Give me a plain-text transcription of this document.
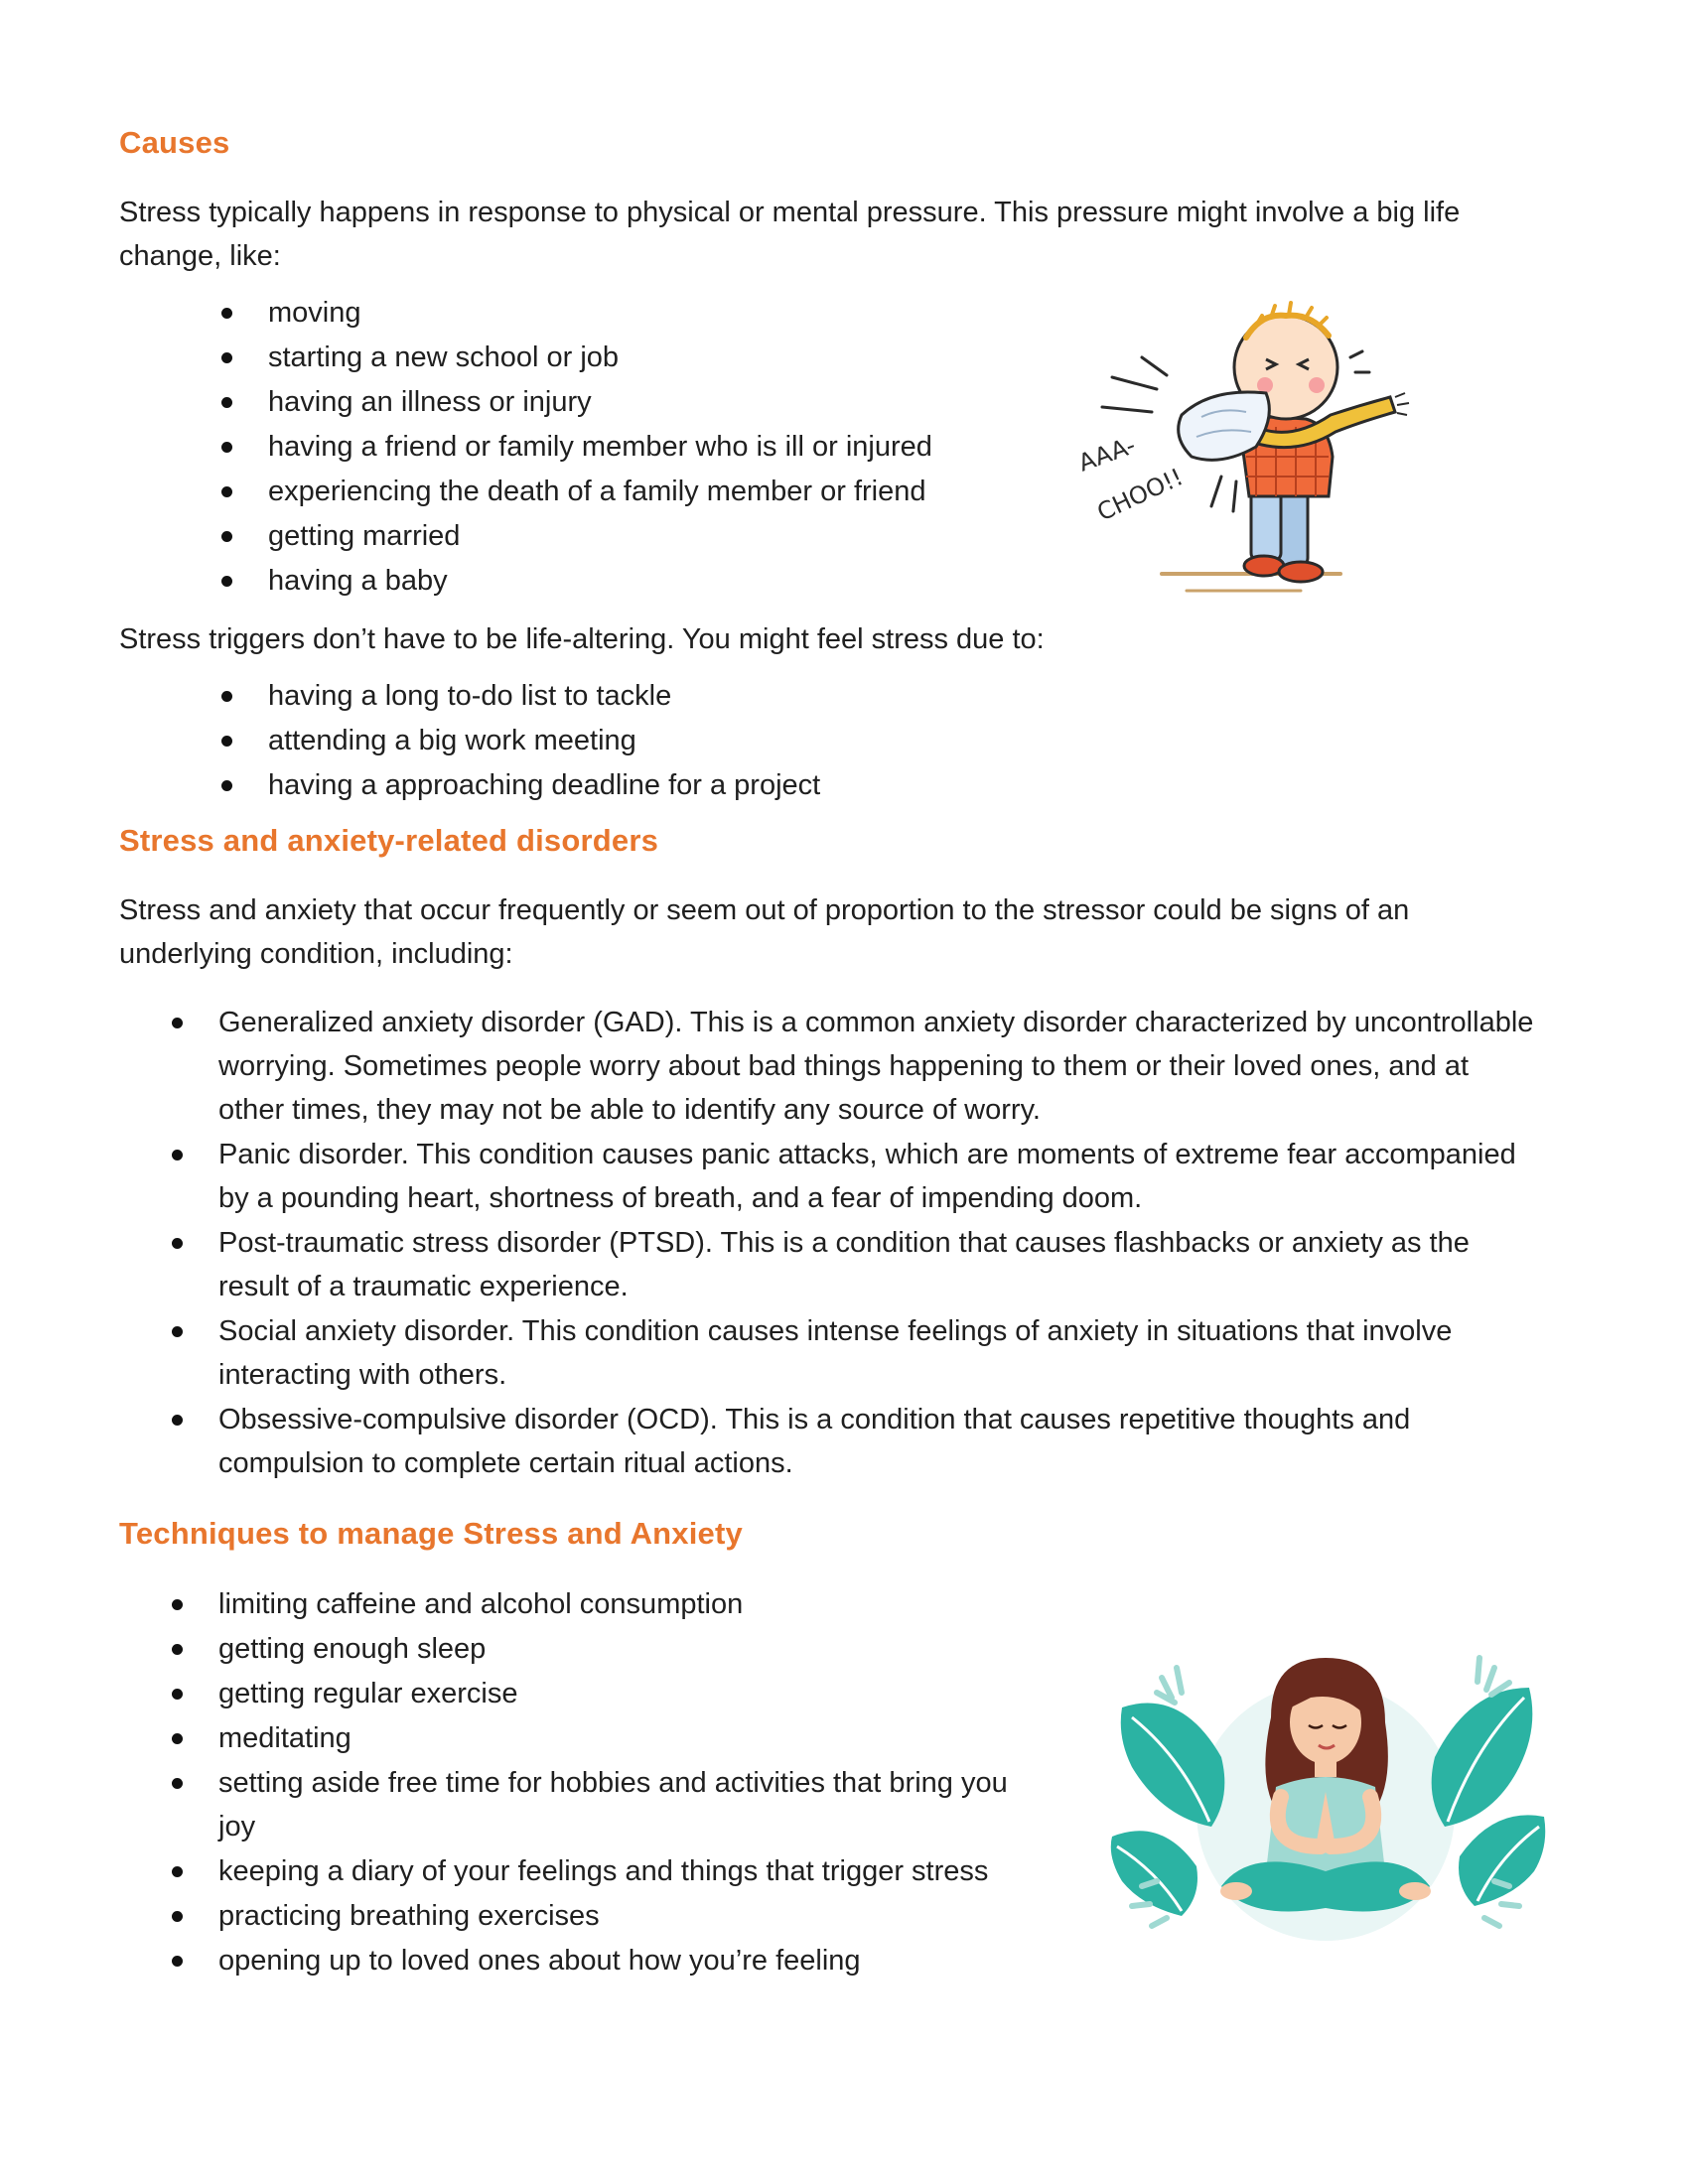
Causes

Stress typically happens in response to physical or mental pressure. This pressure might involve a big life change, like:

moving
starting a new school or job
having an illness or injury
having a friend or family member who is ill or injured
experiencing the death of a family member or friend
getting married
having a baby

Stress triggers don’t have to be life-altering. You might feel stress due to:

having a long to-do list to tackle
attending a big work meeting
having a approaching deadline for a project
AAA-
CHOO!!
Stress and anxiety-related disorders

Stress and anxiety that occur frequently or seem out of proportion to the stressor could be signs of an underlying condition, including:

Generalized anxiety disorder (GAD). This is a common anxiety disorder characterized by uncontrollable worrying. Sometimes people worry about bad things happening to them or their loved ones, and at other times, they may not be able to identify any source of worry.
Panic disorder. This condition causes panic attacks, which are moments of extreme fear accompanied by a pounding heart, shortness of breath, and a fear of impending doom.
Post-traumatic stress disorder (PTSD). This is a condition that causes flashbacks or anxiety as the result of a traumatic experience.
Social anxiety disorder. This condition causes intense feelings of anxiety in situations that involve interacting with others.
Obsessive-compulsive disorder (OCD). This is a condition that causes repetitive thoughts and compulsion to complete certain ritual actions.
Techniques to manage Stress and Anxiety
limiting caffeine and alcohol consumption
getting enough sleep
getting regular exercise
meditating
setting aside free time for hobbies and activities that bring you joy
keeping a diary of your feelings and things that trigger stress
practicing breathing exercises
opening up to loved ones about how you’re feeling
